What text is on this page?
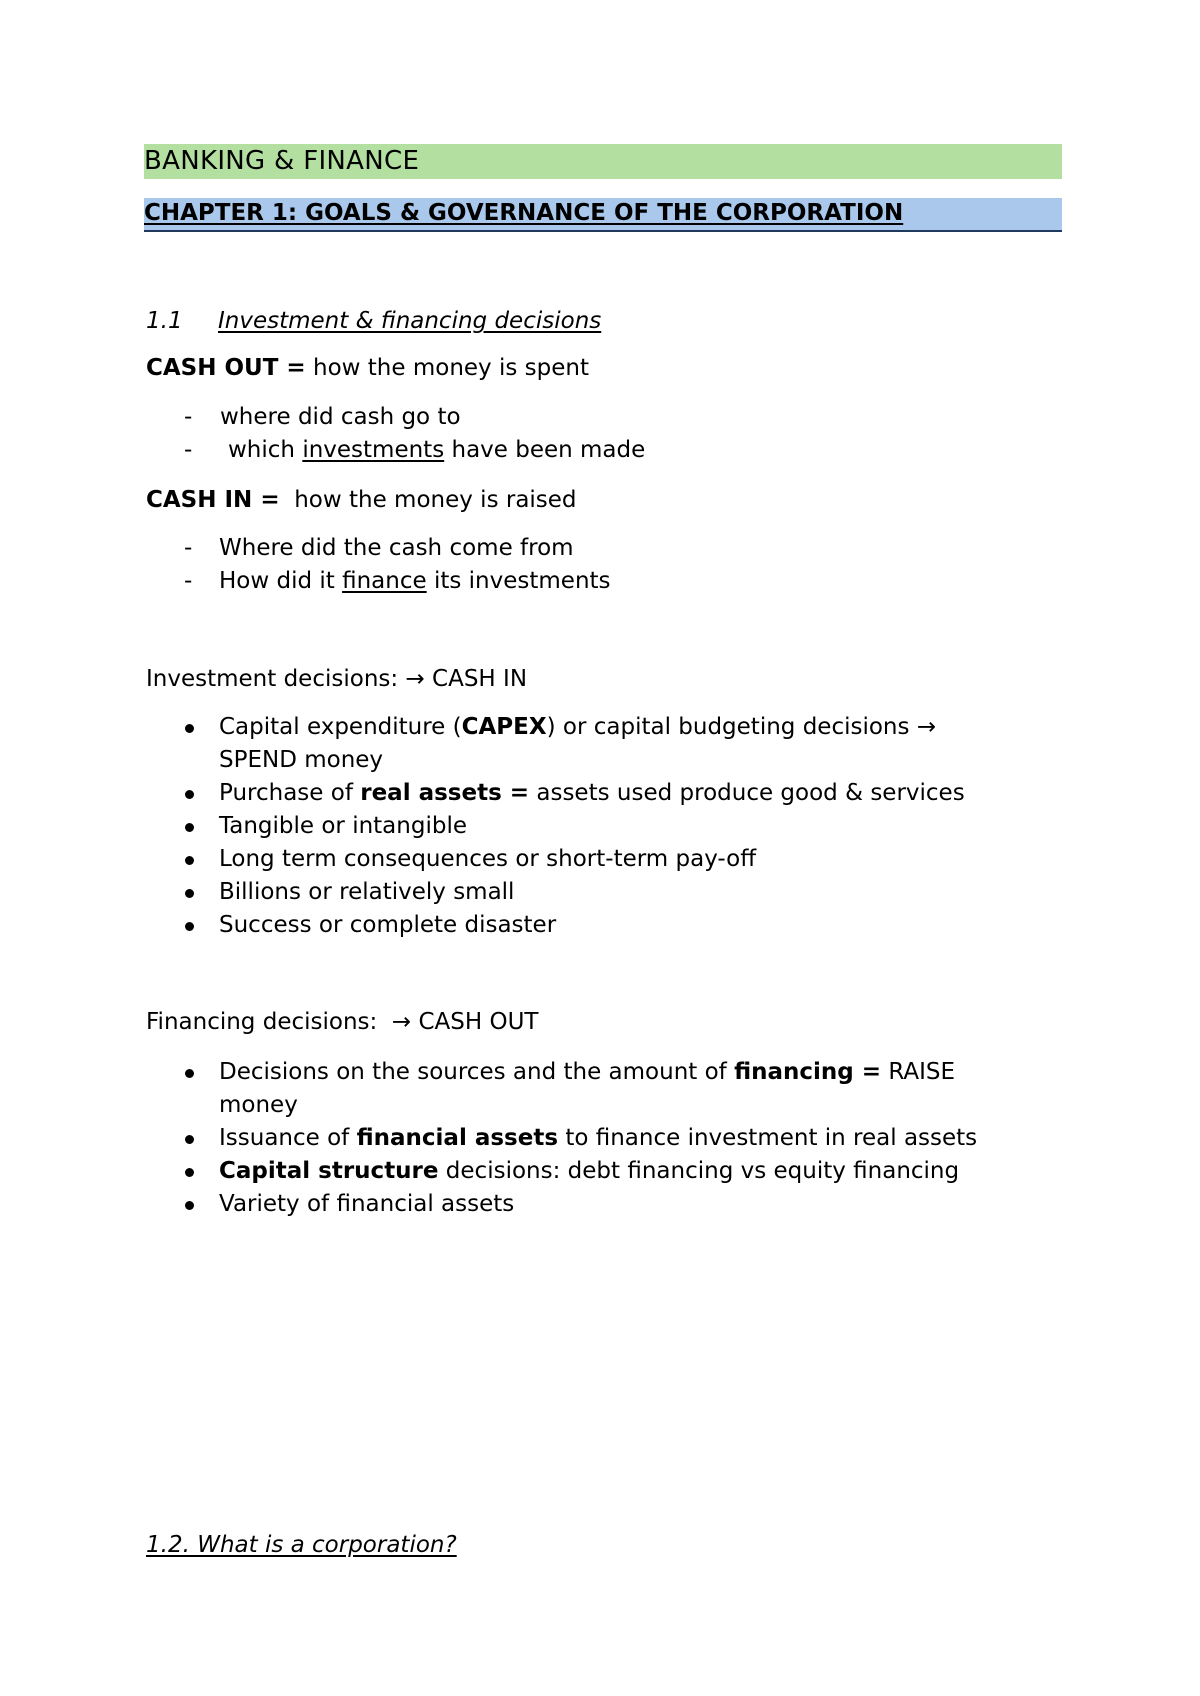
BANKING & FINANCE
CHAPTER 1: GOALS & GOVERNANCE OF THE CORPORATION
1.1 Investment & financing decisions
CASH OUT = how the money is spent
- where did cash go to
- which investments have been made
CASH IN = how the money is raised
- Where did the cash come from
- How did it finance its investments
Investment decisions: → CASH IN
Capital expenditure (CAPEX) or capital budgeting decisions →
SPEND money
Purchase of real assets = assets used produce good & services
Tangible or intangible
Long term consequences or short-term pay-off
Billions or relatively small
Success or complete disaster
Financing decisions: → CASH OUT
Decisions on the sources and the amount of financing = RAISE
money
Issuance of financial assets to finance investment in real assets
Capital structure decisions: debt financing vs equity financing
Variety of financial assets
1.2. What is a corporation?
